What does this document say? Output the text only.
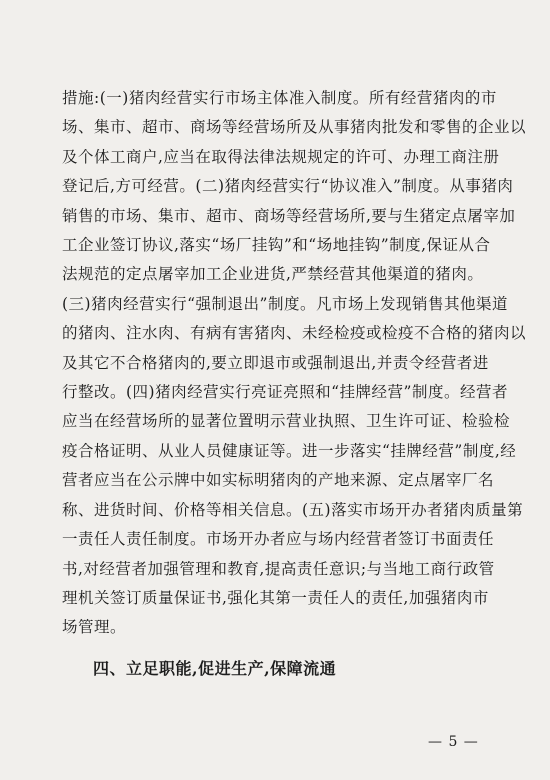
措施:(一)猪肉经营实行市场主体准入制度。所有经营猪肉的市
场、集市、超市、商场等经营场所及从事猪肉批发和零售的企业以
及个体工商户,应当在取得法律法规规定的许可、办理工商注册
登记后,方可经营。(二)猪肉经营实行“协议准入”制度。从事猪肉
销售的市场、集市、超市、商场等经营场所,要与生猪定点屠宰加
工企业签订协议,落实“场厂挂钩”和“场地挂钩”制度,保证从合
法规范的定点屠宰加工企业进货,严禁经营其他渠道的猪肉。
(三)猪肉经营实行“强制退出”制度。凡市场上发现销售其他渠道
的猪肉、注水肉、有病有害猪肉、未经检疫或检疫不合格的猪肉以
及其它不合格猪肉的,要立即退市或强制退出,并责令经营者进
行整改。(四)猪肉经营实行亮证亮照和“挂牌经营”制度。经营者
应当在经营场所的显著位置明示营业执照、卫生许可证、检验检
疫合格证明、从业人员健康证等。进一步落实“挂牌经营”制度,经
营者应当在公示牌中如实标明猪肉的产地来源、定点屠宰厂名
称、进货时间、价格等相关信息。(五)落实市场开办者猪肉质量第
一责任人责任制度。市场开办者应与场内经营者签订书面责任
书,对经营者加强管理和教育,提高责任意识;与当地工商行政管
理机关签订质量保证书,强化其第一责任人的责任,加强猪肉市
场管理。

四、立足职能,促进生产,保障流通
— 5 —
